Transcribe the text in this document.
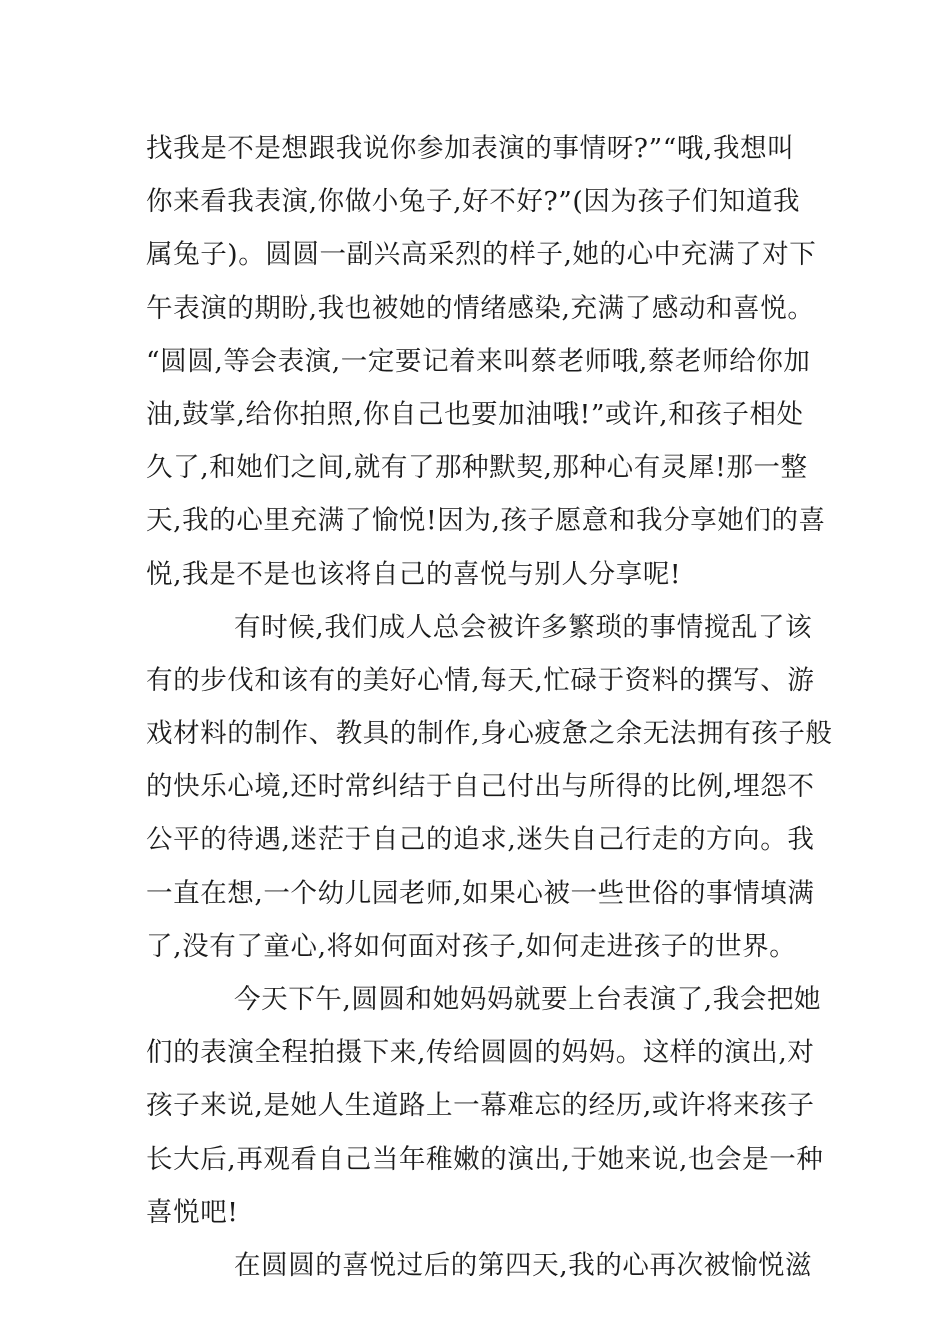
找我是不是想跟我说你参加表演的事情呀?”“哦,我想叫
你来看我表演,你做小兔子,好不好?”(因为孩子们知道我
属兔子)。圆圆一副兴高采烈的样子,她的心中充满了对下
午表演的期盼,我也被她的情绪感染,充满了感动和喜悦。
“圆圆,等会表演,一定要记着来叫蔡老师哦,蔡老师给你加
油,鼓掌,给你拍照,你自己也要加油哦!”或许,和孩子相处
久了,和她们之间,就有了那种默契,那种心有灵犀!那一整
天,我的心里充满了愉悦!因为,孩子愿意和我分享她们的喜
悦,我是不是也该将自己的喜悦与别人分享呢!
有时候,我们成人总会被许多繁琐的事情搅乱了该
有的步伐和该有的美好心情,每天,忙碌于资料的撰写、游
戏材料的制作、教具的制作,身心疲惫之余无法拥有孩子般
的快乐心境,还时常纠结于自己付出与所得的比例,埋怨不
公平的待遇,迷茫于自己的追求,迷失自己行走的方向。我
一直在想,一个幼儿园老师,如果心被一些世俗的事情填满
了,没有了童心,将如何面对孩子,如何走进孩子的世界。
今天下午,圆圆和她妈妈就要上台表演了,我会把她
们的表演全程拍摄下来,传给圆圆的妈妈。这样的演出,对
孩子来说,是她人生道路上一幕难忘的经历,或许将来孩子
长大后,再观看自己当年稚嫩的演出,于她来说,也会是一种
喜悦吧!
在圆圆的喜悦过后的第四天,我的心再次被愉悦滋
